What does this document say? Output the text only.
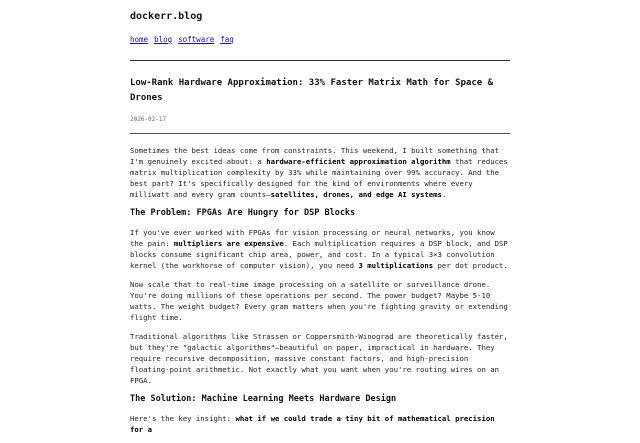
dockerr.blog
home blog software faq
Low-Rank Hardware Approximation: 33% Faster Matrix Math for Space & Drones
2026-02-17

Sometimes the best ideas come from constraints. This weekend, I built something that I'm genuinely excited about: a hardware-efficient approximation algorithm that reduces matrix multiplication complexity by 33% while maintaining over 99% accuracy. And the best part? It's specifically designed for the kind of environments where every milliwatt and every gram counts—satellites, drones, and edge AI systems.

The Problem: FPGAs Are Hungry for DSP Blocks

If you've ever worked with FPGAs for vision processing or neural networks, you know the pain: multipliers are expensive. Each multiplication requires a DSP block, and DSP blocks consume significant chip area, power, and cost. In a typical 3×3 convolution kernel (the workhorse of computer vision), you need 3 multiplications per dot product.

Now scale that to real-time image processing on a satellite or surveillance drone. You're doing millions of these operations per second. The power budget? Maybe 5-10 watts. The weight budget? Every gram matters when you're fighting gravity or extending flight time.

Traditional algorithms like Strassen or Coppersmith-Winograd are theoretically faster, but they're "galactic algorithms"—beautiful on paper, impractical in hardware. They require recursive decomposition, massive constant factors, and high-precision floating-point arithmetic. Not exactly what you want when you're routing wires on an FPGA.

The Solution: Machine Learning Meets Hardware Design

Here's the key insight: what if we could trade a tiny bit of mathematical precision for a
